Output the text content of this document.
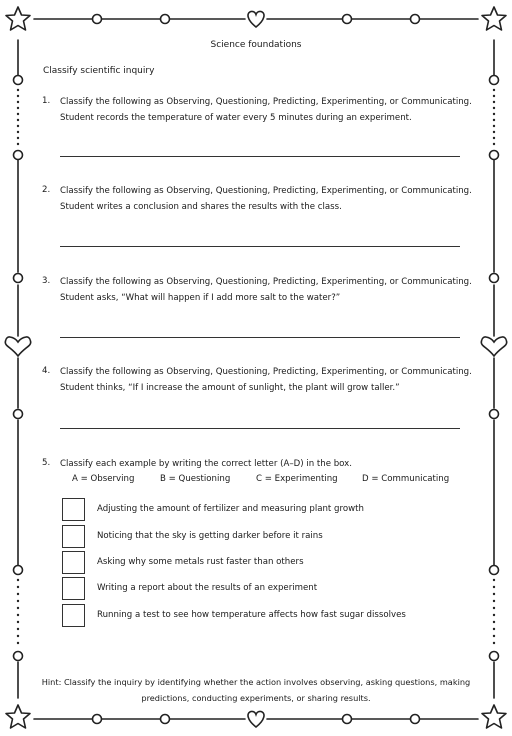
Science foundations
Classify scientific inquiry
1. Classify the following as Observing, Questioning, Predicting, Experimenting, or Communicating.
Student records the temperature of water every 5 minutes during an experiment.
2. Classify the following as Observing, Questioning, Predicting, Experimenting, or Communicating.
Student writes a conclusion and shares the results with the class.
3. Classify the following as Observing, Questioning, Predicting, Experimenting, or Communicating.
Student asks, “What will happen if I add more salt to the water?”
4. Classify the following as Observing, Questioning, Predicting, Experimenting, or Communicating.
Student thinks, “If I increase the amount of sunlight, the plant will grow taller.”
5. Classify each example by writing the correct letter (A–D) in the box.
A = Observing	B = Questioning	C = Experimenting	D = Communicating
Adjusting the amount of fertilizer and measuring plant growth
Noticing that the sky is getting darker before it rains
Asking why some metals rust faster than others
Writing a report about the results of an experiment
Running a test to see how temperature affects how fast sugar dissolves
Hint: Classify the inquiry by identifying whether the action involves observing, asking questions, making predictions, conducting experiments, or sharing results.
